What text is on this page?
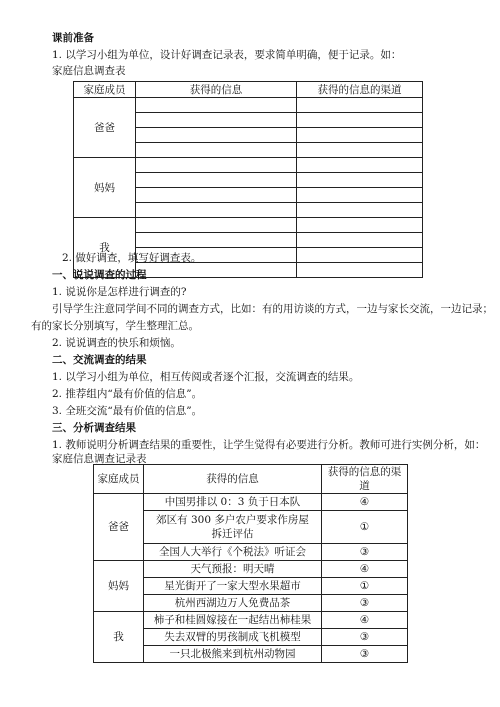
课前准备
1. 以学习小组为单位，设计好调查记录表，要求简单明确，便于记录。如：
家庭信息调查表
家庭成员	获得的信息	获得的信息的渠道
爸爸		

妈妈		

我		

2. 做好调查，填写好调查表。
一、说说调查的过程
1. 说说你是怎样进行调查的?
引导学生注意同学间不同的调查方式，比如：有的用访谈的方式，一边与家长交流，一边记录；
有的家长分别填写，学生整理汇总。
2. 说说调查的快乐和烦恼。
二、交流调查的结果
1. 以学习小组为单位，相互传阅或者逐个汇报，交流调查的结果。
2. 推荐组内“最有价值的信息”。
3. 全班交流“最有价值的信息”。
三、分析调查结果
1. 教师说明分析调查结果的重要性，让学生觉得有必要进行分析。教师可进行实例分析，如：
家庭信息调查记录表
家庭成员	获得的信息	获得的信息的渠道
爸爸	中国男排以 0：3 负于日本队	④
	郊区有 300 多户农户要求作房屋拆迁评估	①
	全国人大举行《个税法》听证会	③
妈妈	天气预报：明天晴	④
	星光街开了一家大型水果超市	①
	杭州西湖边万人免费品茶	③
我	柿子和桂圆嫁接在一起结出柿桂果	④
	失去双臂的男孩制成飞机模型	③
	一只北极熊来到杭州动物园	③
